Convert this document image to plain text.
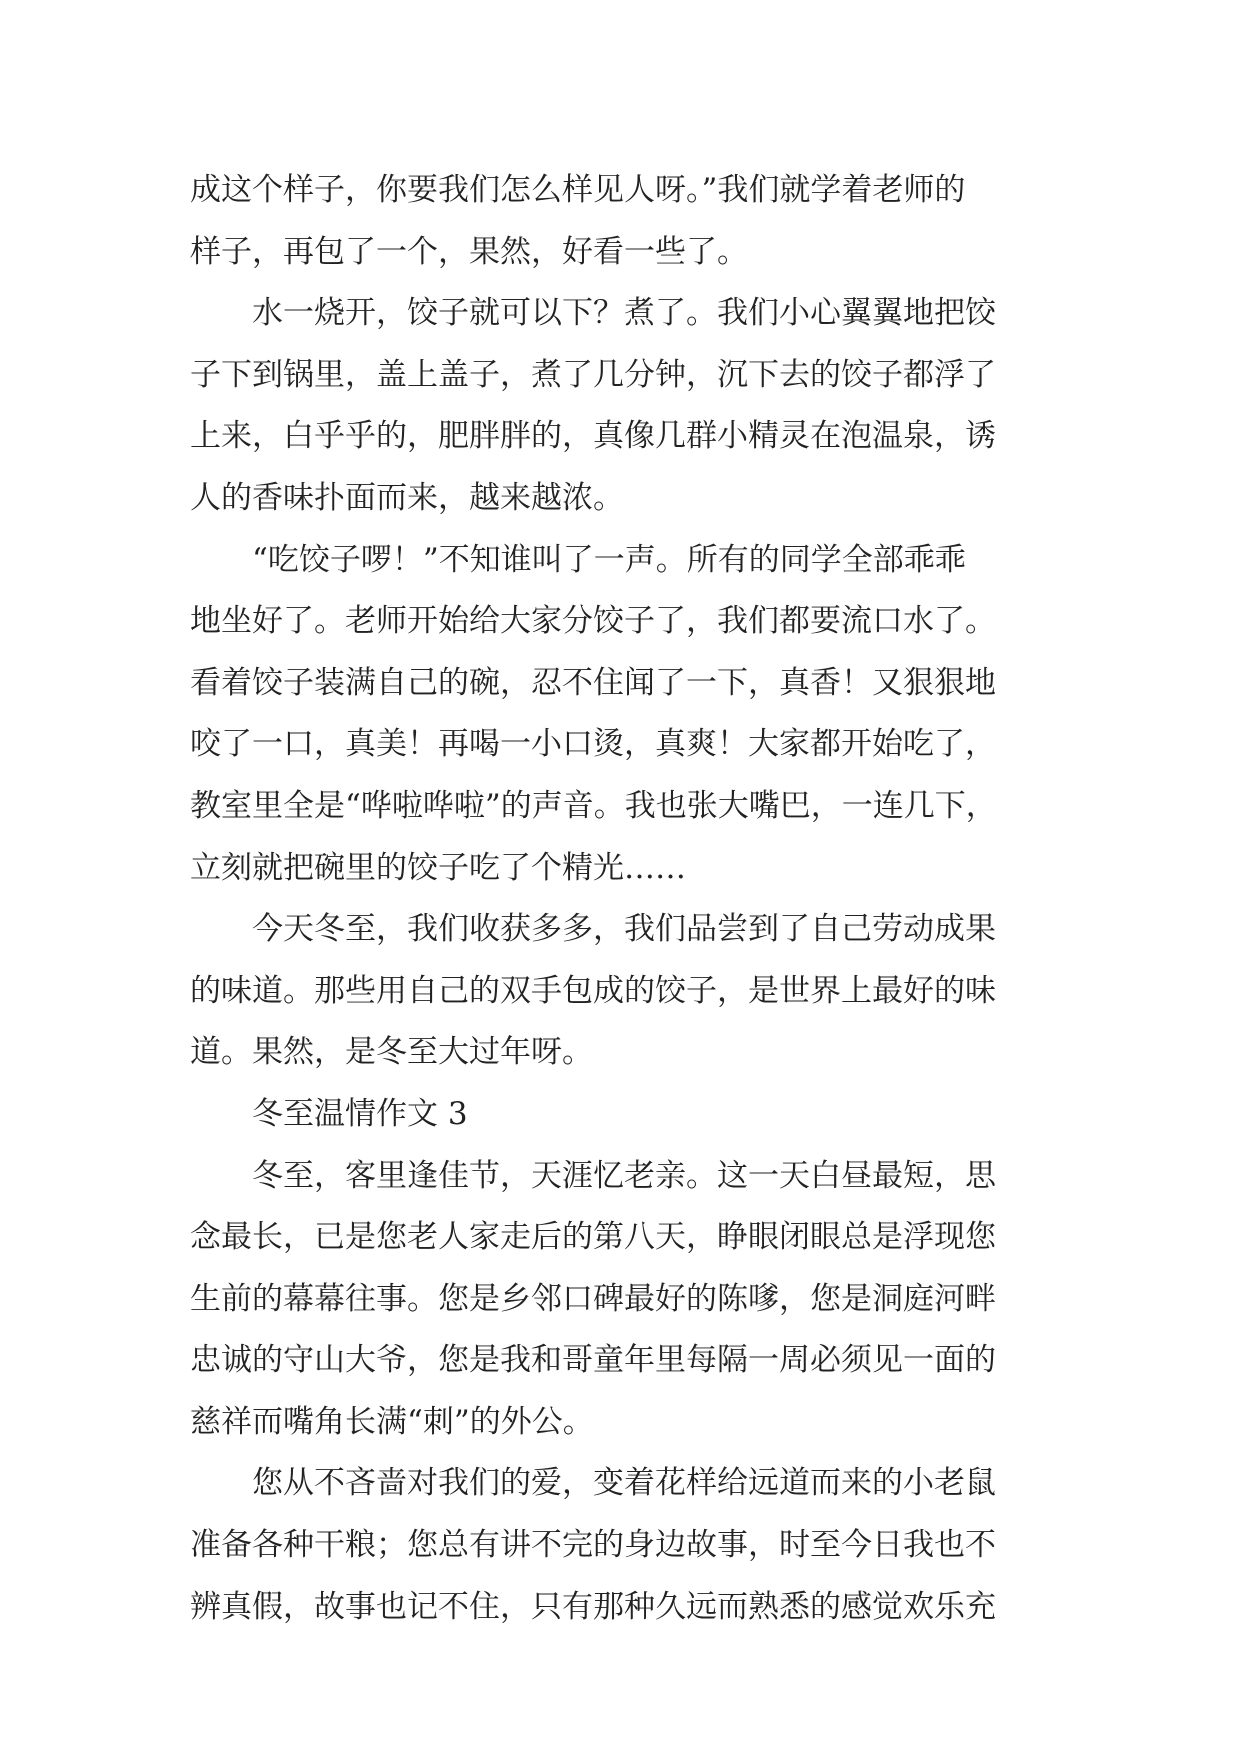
成这个样子，你要我们怎么样见人呀。”我们就学着老师的
样子，再包了一个，果然，好看一些了。
水一烧开，饺子就可以下？煮了。我们小心翼翼地把饺
子下到锅里，盖上盖子，煮了几分钟，沉下去的饺子都浮了
上来，白乎乎的，肥胖胖的，真像几群小精灵在泡温泉，诱
人的香味扑面而来，越来越浓。
“吃饺子啰！”不知谁叫了一声。所有的同学全部乖乖
地坐好了。老师开始给大家分饺子了，我们都要流口水了。
看着饺子装满自己的碗，忍不住闻了一下，真香！又狠狠地
咬了一口，真美！再喝一小口烫，真爽！大家都开始吃了，
教室里全是“哗啦哗啦”的声音。我也张大嘴巴，一连几下，
立刻就把碗里的饺子吃了个精光……
今天冬至，我们收获多多，我们品尝到了自己劳动成果
的味道。那些用自己的双手包成的饺子，是世界上最好的味
道。果然，是冬至大过年呀。
冬至温情作文 3
冬至，客里逢佳节，天涯忆老亲。这一天白昼最短，思
念最长，已是您老人家走后的第八天，睁眼闭眼总是浮现您
生前的幕幕往事。您是乡邻口碑最好的陈嗲，您是洞庭河畔
忠诚的守山大爷，您是我和哥童年里每隔一周必须见一面的
慈祥而嘴角长满“刺”的外公。
您从不吝啬对我们的爱，变着花样给远道而来的小老鼠
准备各种干粮；您总有讲不完的身边故事，时至今日我也不
辨真假，故事也记不住，只有那种久远而熟悉的感觉欢乐充
